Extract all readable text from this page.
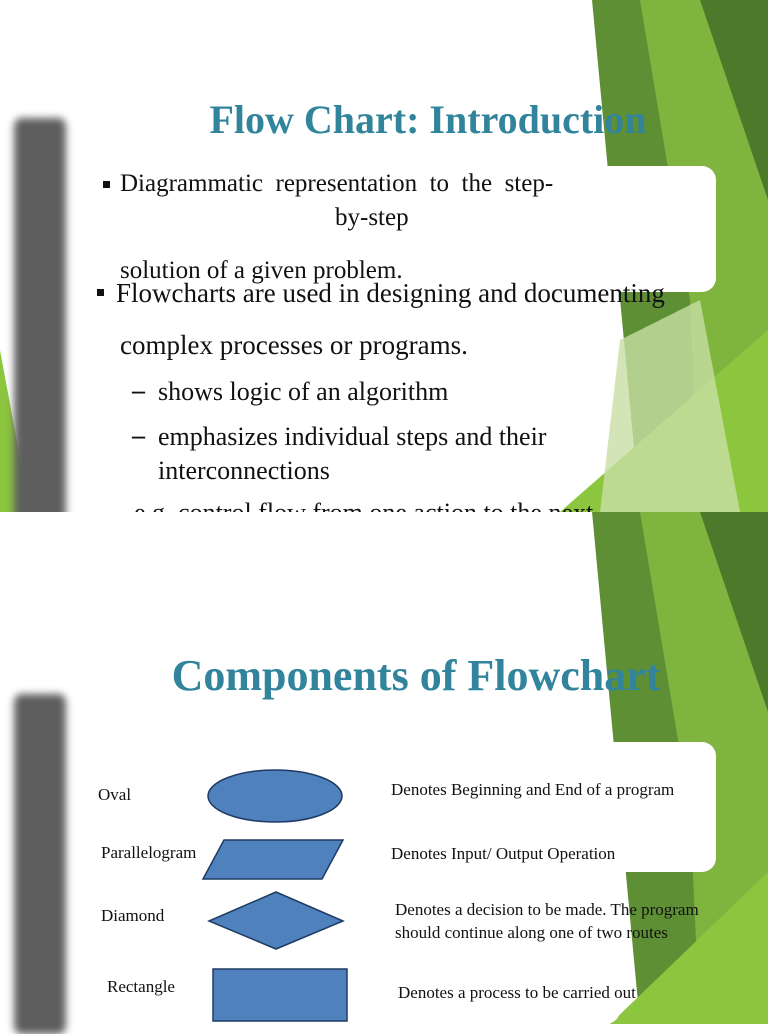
Flow Chart: Introduction

Diagrammatic  representation  to  the  step-

by-step

solution of a given problem.

Flowcharts are used in designing and documenting

complex processes or programs.

– shows logic of an algorithm

– emphasizes individual steps and their

interconnections

Components of Flowchart

Oval	Denotes Beginning and End of a program

Parallelogram	Denotes Input/ Output Operation

Diamond	Denotes a decision to be made. The program should continue along one of two routes

Rectangle	Denotes a process to be carried out
